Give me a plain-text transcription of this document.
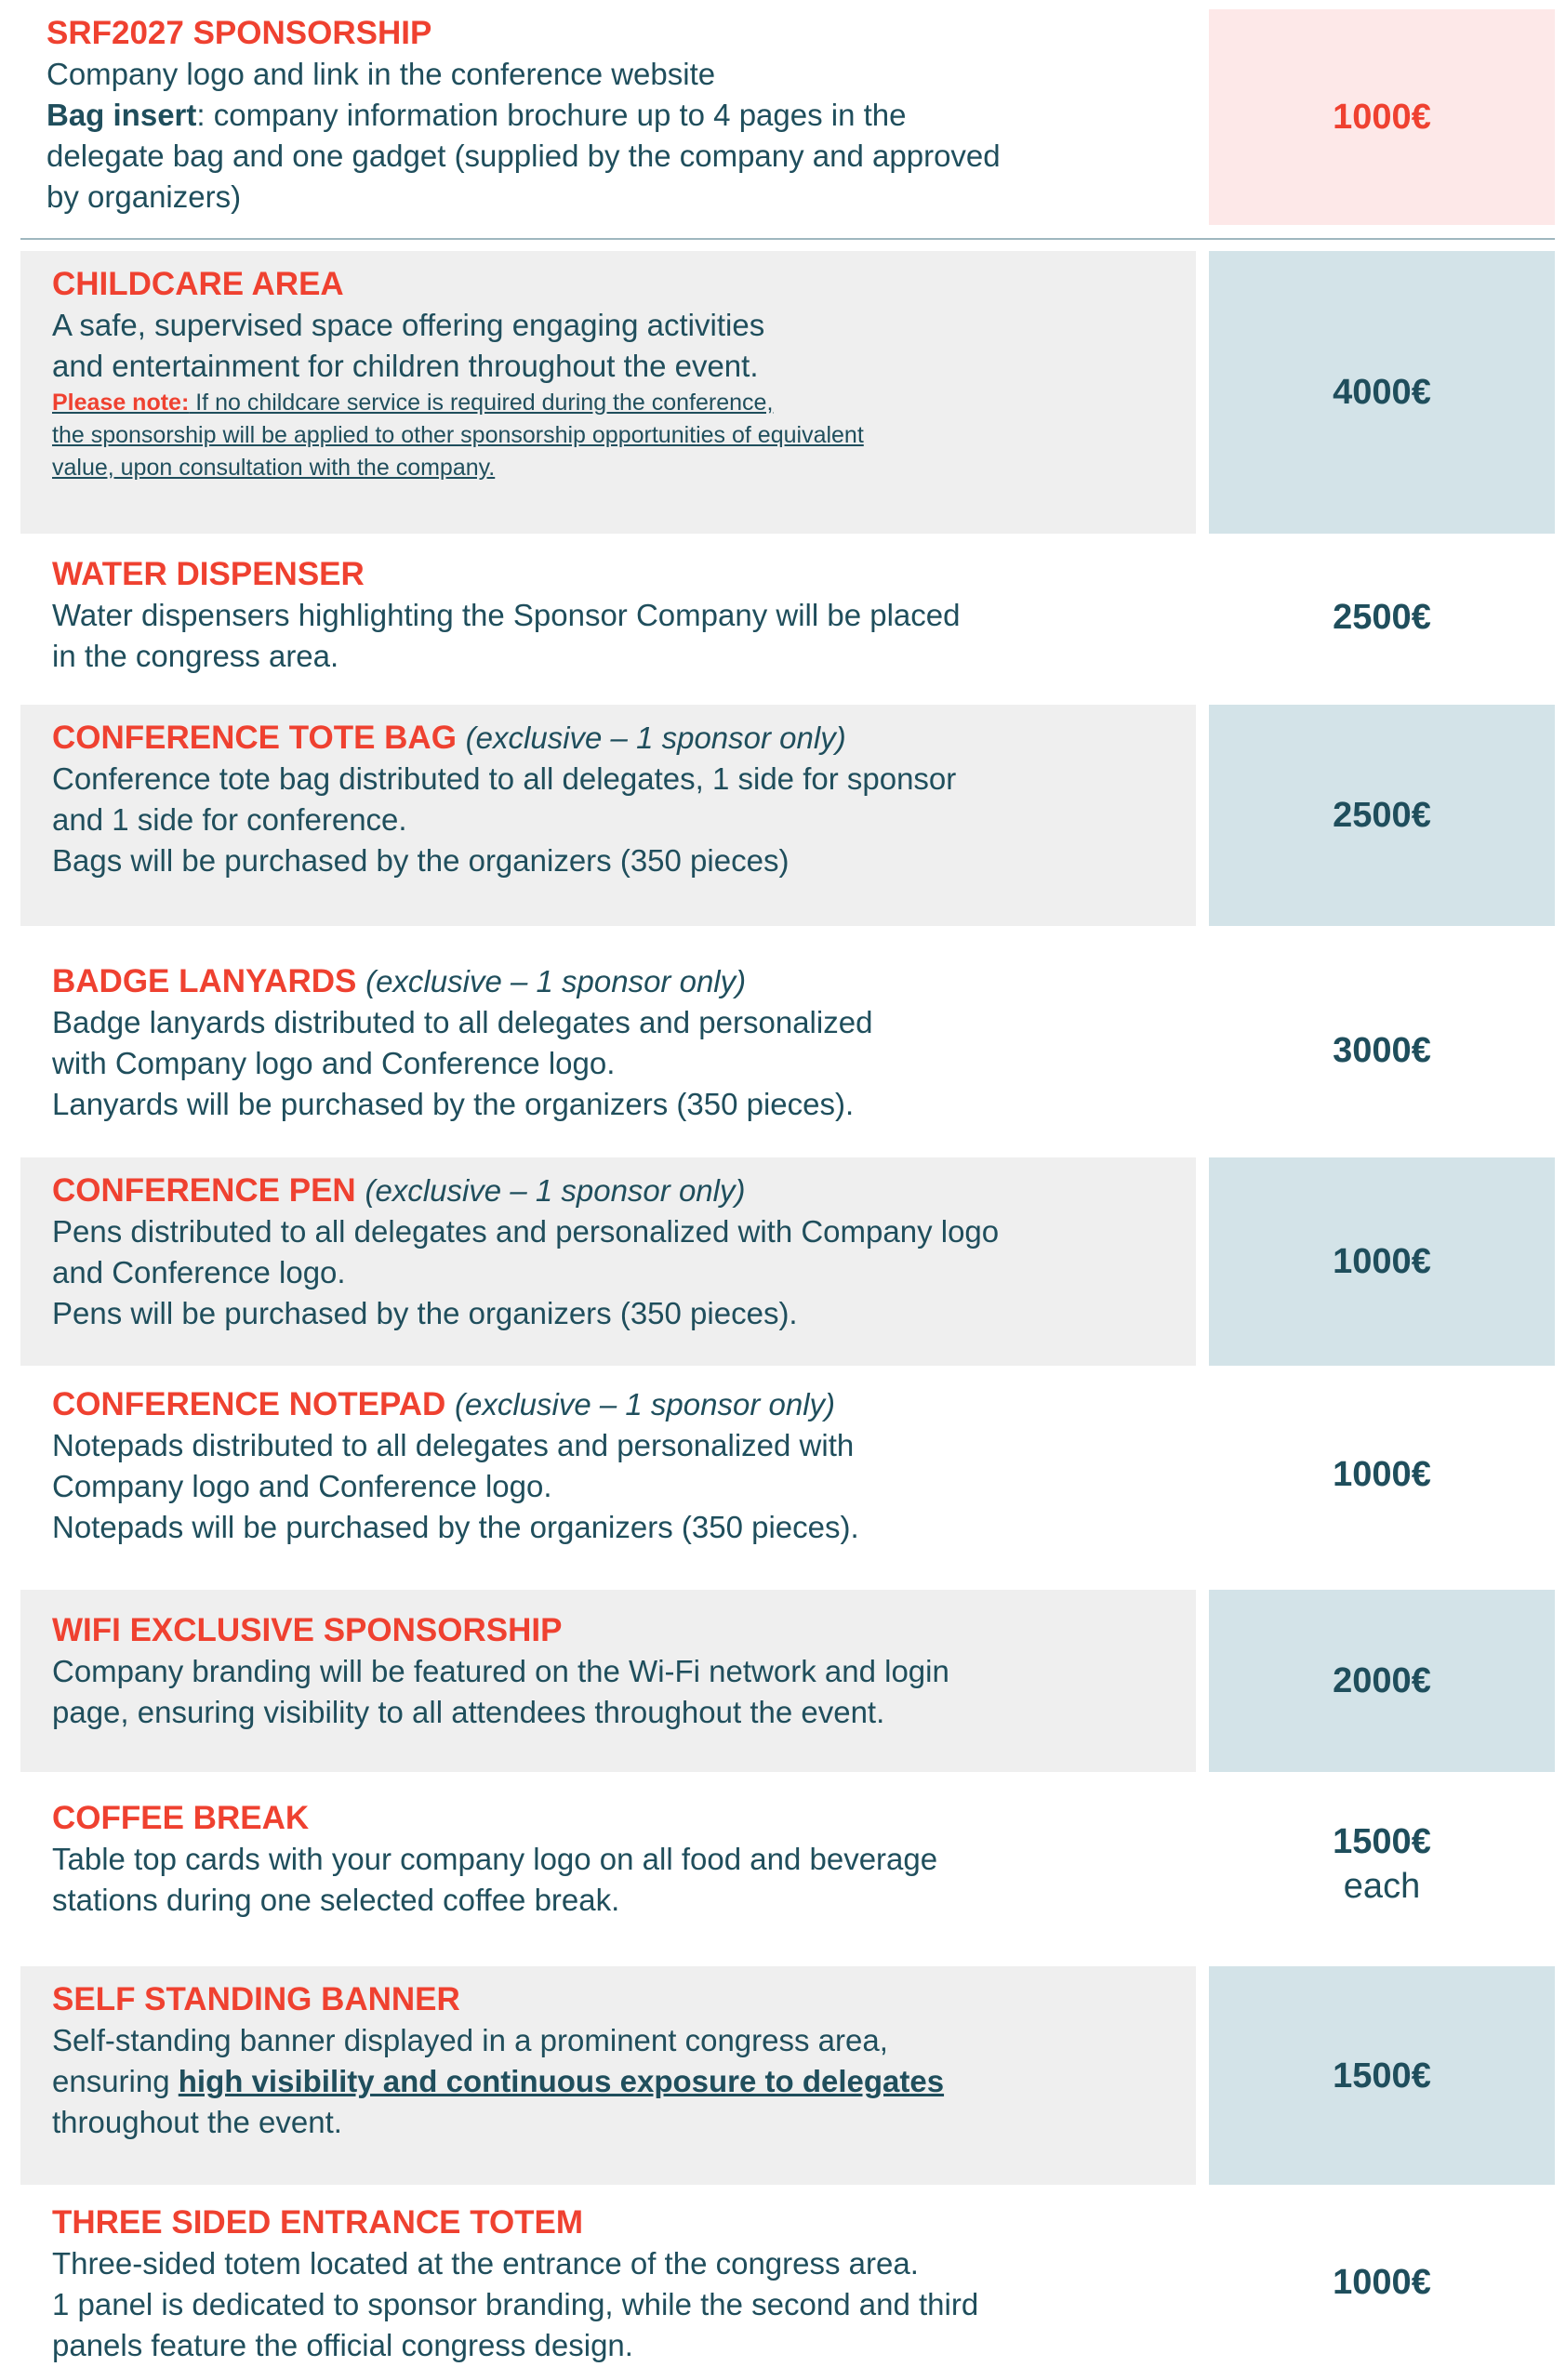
SRF2027 SPONSORSHIP
Company logo and link in the conference website
Bag insert: company information brochure up to 4 pages in the
delegate bag and one gadget (supplied by the company and approved
by organizers)
1000€
CHILDCARE AREA
A safe, supervised space offering engaging activities
and entertainment for children throughout the event.
Please note: If no childcare service is required during the conference,
the sponsorship will be applied to other sponsorship opportunities of equivalent
value, upon consultation with the company.
4000€
WATER DISPENSER
Water dispensers highlighting the Sponsor Company will be placed
in the congress area.
2500€
CONFERENCE TOTE BAG (exclusive – 1 sponsor only)
Conference tote bag distributed to all delegates, 1 side for sponsor
and 1 side for conference.
Bags will be purchased by the organizers (350 pieces)
2500€
BADGE LANYARDS (exclusive – 1 sponsor only)
Badge lanyards distributed to all delegates and personalized
with Company logo and Conference logo.
Lanyards will be purchased by the organizers (350 pieces).
3000€
CONFERENCE PEN (exclusive – 1 sponsor only)
Pens distributed to all delegates and personalized with Company logo
and Conference logo.
Pens will be purchased by the organizers (350 pieces).
1000€
CONFERENCE NOTEPAD (exclusive – 1 sponsor only)
Notepads distributed to all delegates and personalized with
Company logo and Conference logo.
Notepads will be purchased by the organizers (350 pieces).
1000€
WIFI EXCLUSIVE SPONSORSHIP
Company branding will be featured on the Wi-Fi network and login
page, ensuring visibility to all attendees throughout the event.
2000€
COFFEE BREAK
Table top cards with your company logo on all food and beverage
stations during one selected coffee break.
1500€
each
SELF STANDING BANNER
Self-standing banner displayed in a prominent congress area,
ensuring high visibility and continuous exposure to delegates
throughout the event.
1500€
THREE SIDED ENTRANCE TOTEM
Three-sided totem located at the entrance of the congress area.
1 panel is dedicated to sponsor branding, while the second and third
panels feature the official congress design.
1000€
